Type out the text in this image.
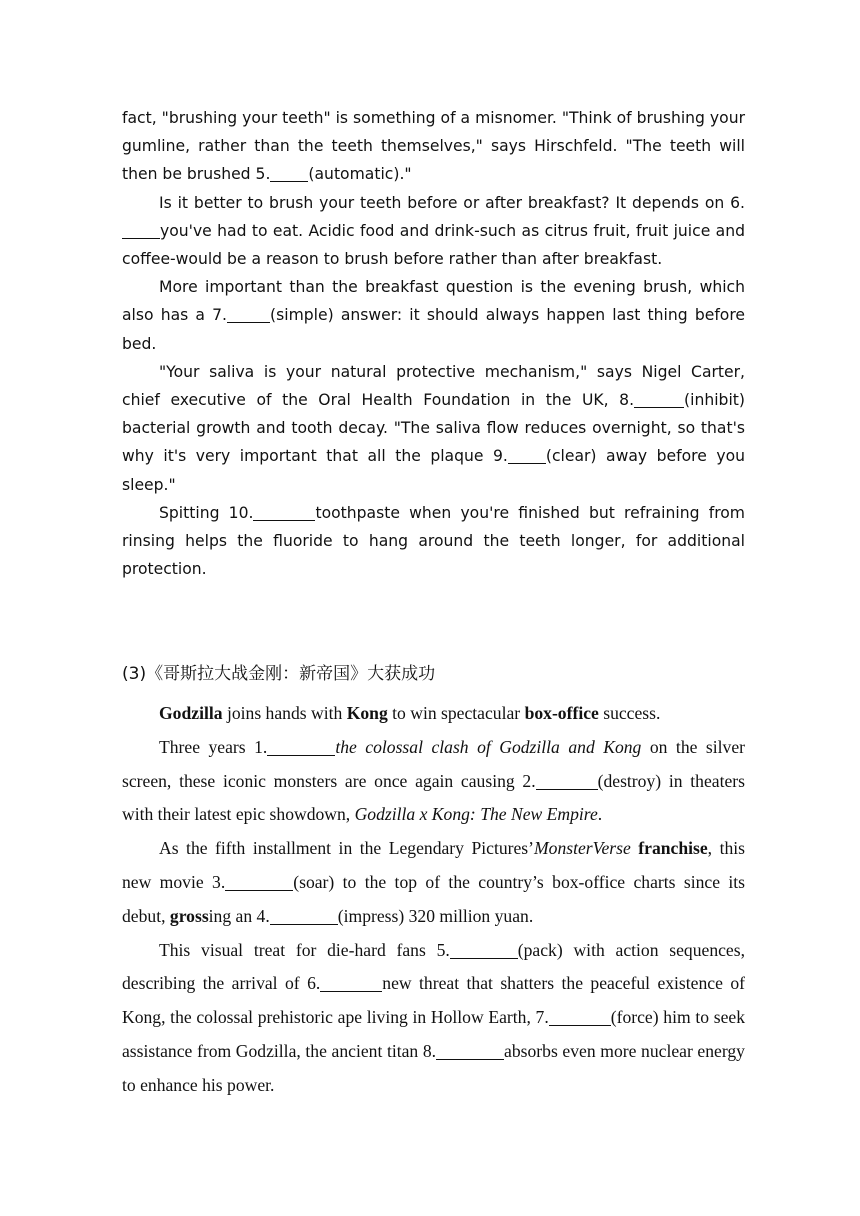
fact, "brushing your teeth" is something of a misnomer. "Think of brushing your gumline, rather than the teeth themselves," says Hirschfeld. "The teeth will then be brushed 5. (automatic)."

Is it better to brush your teeth before or after breakfast? It depends on 6.you've had to eat. Acidic food and drink-such as citrus fruit, fruit juice and coffee-would be a reason to brush before rather than after breakfast.

More important than the breakfast question is the evening brush, which also has a 7.	(simple) answer: it should always happen last thing before bed.

"Your saliva is your natural protective mechanism," says Nigel Carter, chief executive of the Oral Health Foundation in the UK, 8.	(inhibit) bacterial growth and tooth decay. "The saliva flow reduces overnight, so that's why it's very important that all the plaque 9. (clear) away before you sleep."

Spitting 10.	toothpaste when you're finished but refraining from rinsing helps the fluoride to hang around the teeth longer, for additional protection.

(3)《哥斯拉大战金刚：新帝国》大获成功

Godzilla joins hands with Kong to win spectacular box-office success.

Three years 1.	the colossal clash of Godzilla and Kong on the silver screen, these iconic monsters are once again causing 2.	(destroy) in theaters with their latest epic showdown, Godzilla x Kong: The New Empire.

As the fifth installment in the Legendary Pictures’MonsterVerse franchise, this new movie 3.	(soar) to the top of the country’s box-office charts since its debut, grossing an 4.	(impress) 320 million yuan.

This visual treat for die-hard fans 5.	(pack) with action sequences, describing the arrival of 6.	new threat that shatters the peaceful existence of Kong, the colossal prehistoric ape living in Hollow Earth, 7.	(force) him to seek assistance from Godzilla, the ancient titan 8.	absorbs even more nuclear energy to enhance his power.
